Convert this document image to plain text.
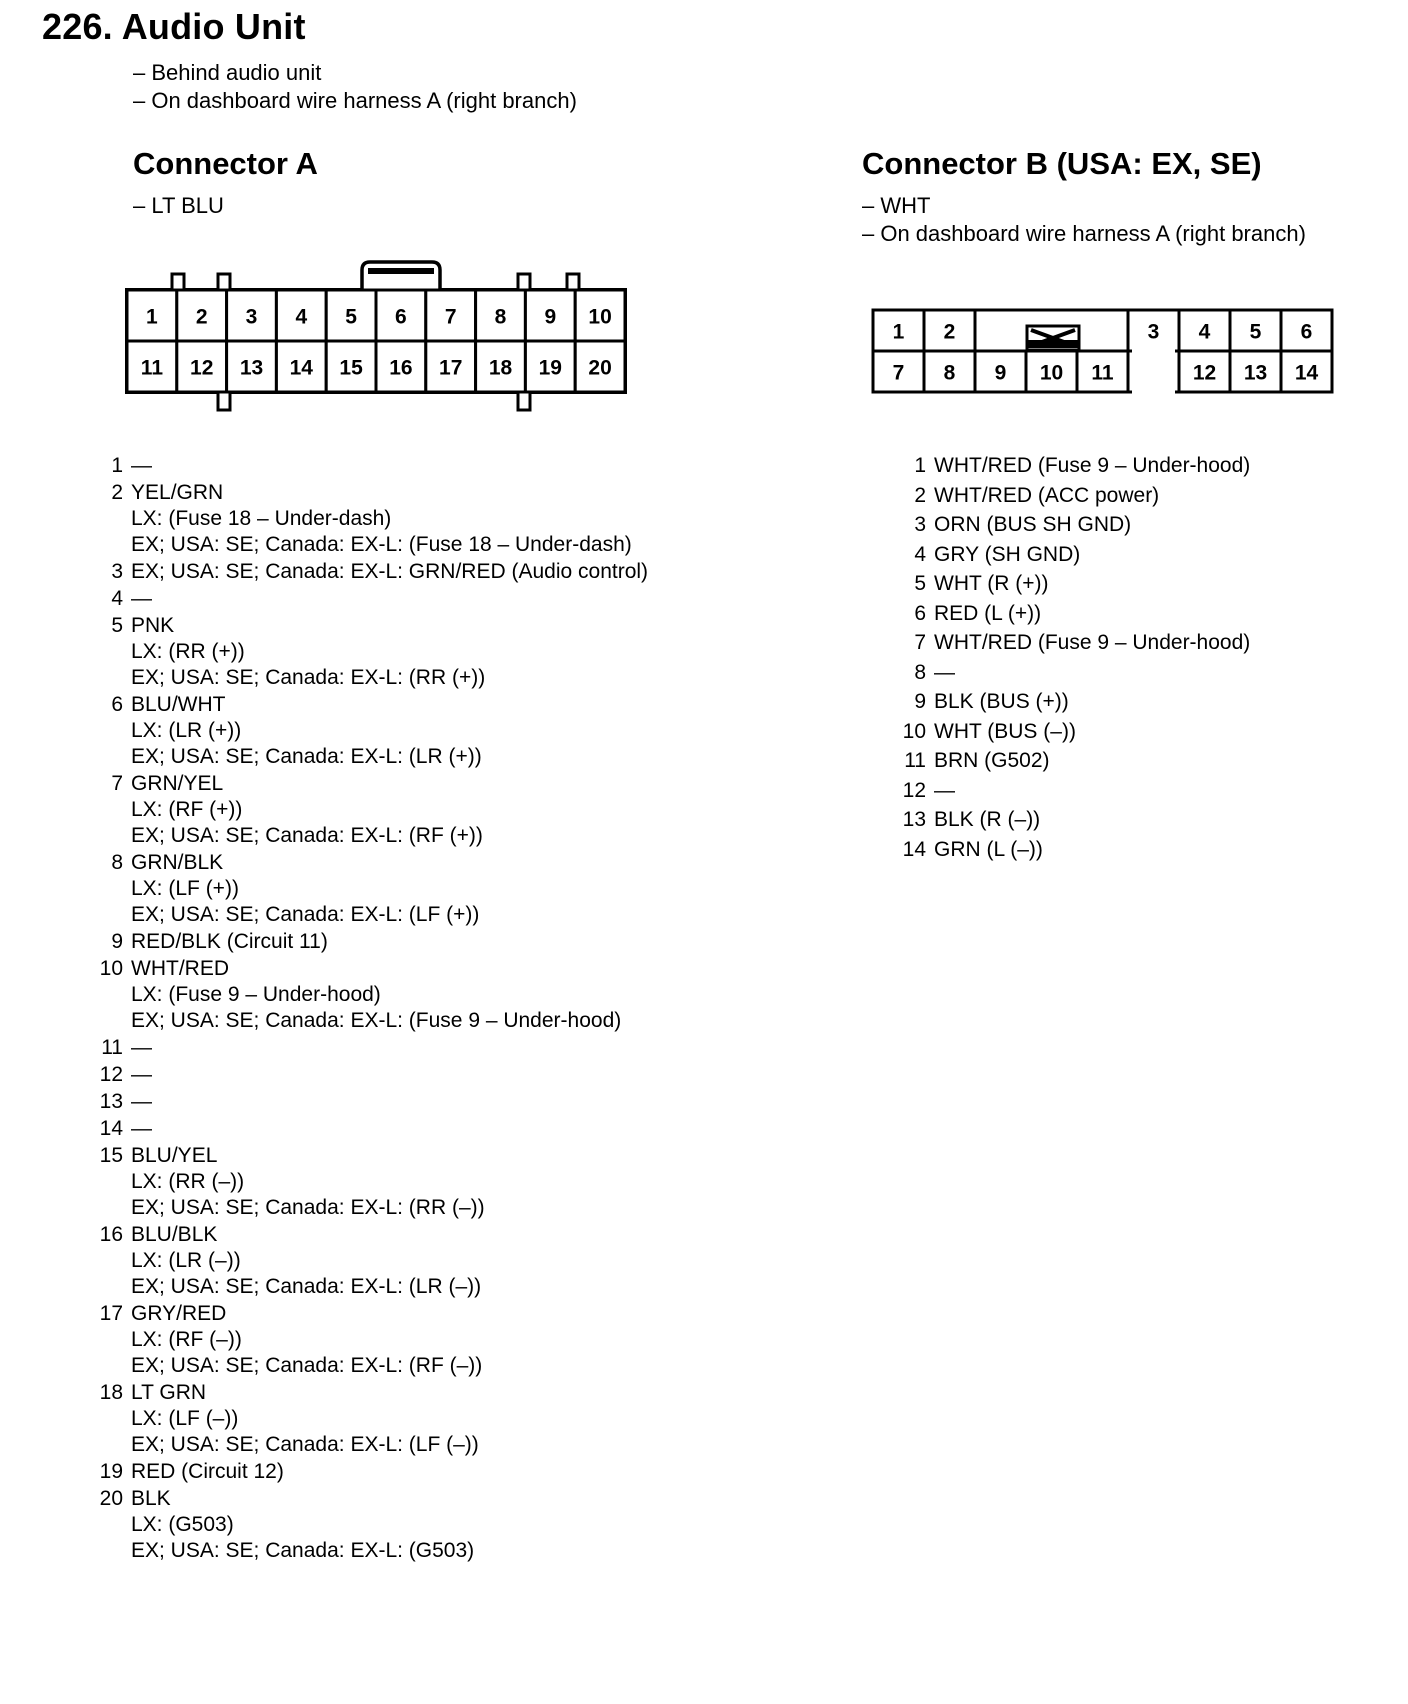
226. Audio Unit
– Behind audio unit
– On dashboard wire harness A (right branch)
Connector A
– LT BLU
Connector B (USA: EX, SE)
– WHT
– On dashboard wire harness A (right branch)
1 2 3 4 5 6 7 8 9 10
11 12 13 14 15 16 17 18 19 20
1 2
7 8 9 10 11
3 4 5 6
12 13 14
1 —
2 YEL/GRN
LX: (Fuse 18 – Under-dash)
EX; USA: SE; Canada: EX-L: (Fuse 18 – Under-dash)
3 EX; USA: SE; Canada: EX-L: GRN/RED (Audio control)
4 —
5 PNK
LX: (RR (+))
EX; USA: SE; Canada: EX-L: (RR (+))
6 BLU/WHT
LX: (LR (+))
EX; USA: SE; Canada: EX-L: (LR (+))
7 GRN/YEL
LX: (RF (+))
EX; USA: SE; Canada: EX-L: (RF (+))
8 GRN/BLK
LX: (LF (+))
EX; USA: SE; Canada: EX-L: (LF (+))
9 RED/BLK (Circuit 11)
10 WHT/RED
LX: (Fuse 9 – Under-hood)
EX; USA: SE; Canada: EX-L: (Fuse 9 – Under-hood)
11 —
12 —
13 —
14 —
15 BLU/YEL
LX: (RR (–))
EX; USA: SE; Canada: EX-L: (RR (–))
16 BLU/BLK
LX: (LR (–))
EX; USA: SE; Canada: EX-L: (LR (–))
17 GRY/RED
LX: (RF (–))
EX; USA: SE; Canada: EX-L: (RF (–))
18 LT GRN
LX: (LF (–))
EX; USA: SE; Canada: EX-L: (LF (–))
19 RED (Circuit 12)
20 BLK
LX: (G503)
EX; USA: SE; Canada: EX-L: (G503)
1 WHT/RED (Fuse 9 – Under-hood)
2 WHT/RED (ACC power)
3 ORN (BUS SH GND)
4 GRY (SH GND)
5 WHT (R (+))
6 RED (L (+))
7 WHT/RED (Fuse 9 – Under-hood)
8 —
9 BLK (BUS (+))
10 WHT (BUS (–))
11 BRN (G502)
12 —
13 BLK (R (–))
14 GRN (L (–))
